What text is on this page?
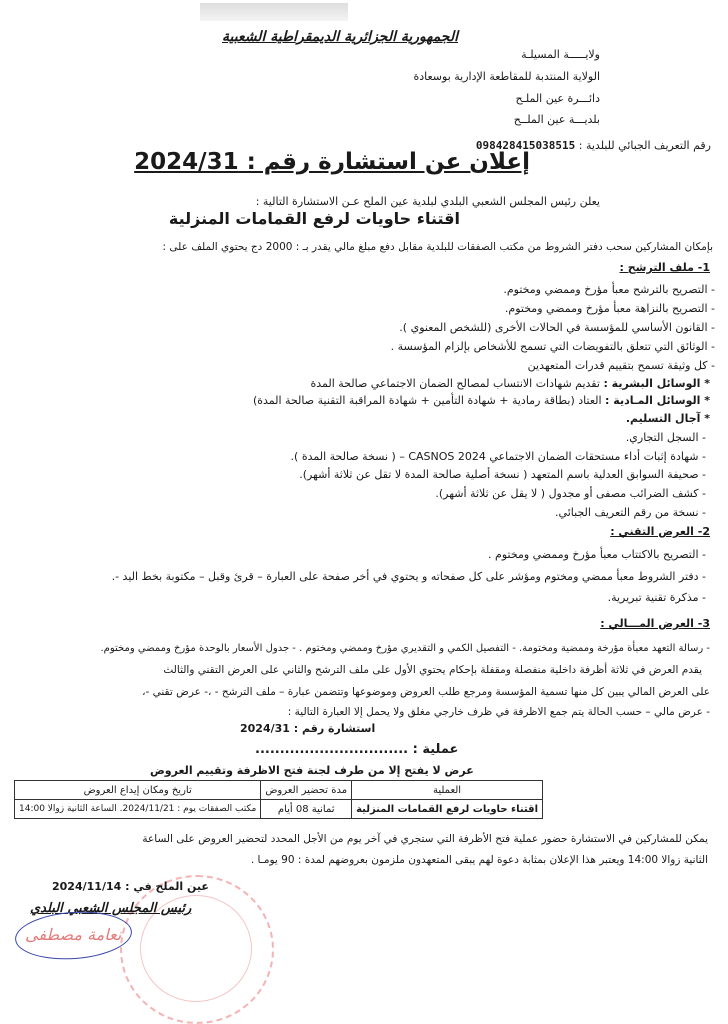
الجمهورية الجزائرية الديمقراطية الشعبية
ولايـــــة المسيلـة
الولاية المنتدبة للمقاطعة الإدارية بوسعادة
دائـــرة عين الملـح
بلديـــة عين الملــح
رقم التعريف الجبائي للبلدية : 098428415038515
إعلان عن استشارة رقم : 2024/31
يعلن رئيس المجلس الشعبي البلدي لبلدية عين الملح عـن الاستشارة التالية :
اقتناء حاويات لرفع القمامات المنزلية
بإمكان المشاركين سحب دفتر الشروط من مكتب الصفقات للبلدية مقابل دفع مبلغ مالي يقدر بـ : 2000 دج يحتوي الملف على :
1- ملف الترشح :
- التصريح بالترشح معبأ مؤرخ وممضي ومختوم.
- التصريح بالنزاهة معبأ مؤرخ وممضي ومختوم.
- القانون الأساسي للمؤسسة في الحالات الأخرى (للشخص المعنوي ).
- الوثائق التي تتعلق بالتفويضات التي تسمح للأشخاص بإلزام المؤسسة .
- كل وثيقة تسمح بتقييم قدرات المتعهدين
* الوسائل البشرية : تقديم شهادات الانتساب لمصالح الضمان الاجتماعي صالحة المدة
* الوسائل المـادية : العتاد (بطاقة رمادية + شهادة التأمين + شهادة المراقبة التقنية صالحة المدة)
* آجال التسليم.
- السجل التجاري.
- شهادة إثبات أداء مستحقات الضمان الاجتماعي CASNOS 2024 – ( نسخة صالحة المدة ).
- صحيفة السوابق العدلية باسم المتعهد ( نسخة أصلية صالحة المدة لا تقل عن ثلاثة أشهر).
- كشف الضرائب مصفى أو مجدول ( لا يقل عن ثلاثة أشهر).
- نسخة من رقم التعريف الجبائي.
2- العرض التقني :
- التصريح بالاكتتاب معبأ مؤرخ وممضي ومختوم .
- دفتر الشروط معبأ ممضي ومختوم ومؤشر على كل صفحاته و يحتوي في أخر صفحة على العبارة – قرئ وقبل – مكتوبة بخط اليد -.
- مذكرة تقنية تبريرية.
3- العرض المـــالي :
- رسالة التعهد معبأة مؤرخة وممضية ومختومة. - التفصيل الكمي و التقديري مؤرخ وممضي ومختوم . - جدول الأسعار بالوحدة مؤرخ وممضي ومختوم.
يقدم العرض في ثلاثة أظرفة داخلية منفصلة ومقفلة بإحكام يحتوي الأول على ملف الترشح والثاني على العرض التقني والثالث
على العرض المالي يبين كل منها تسمية المؤسسة ومرجع طلب العروض وموضوعها وتتضمن عبارة – ملف الترشح - ،- عرض تقني -،
- عرض مالي – حسب الحالة يتم جمع الاظرفة في ظرف خارجي مغلق ولا يحمل إلا العبارة التالية :
استشارة رقم : 2024/31
عملية : ...............................
عرض لا يفتح إلا من طرف لجنة فتح الاظرفة وتقييم العروض
العملية	مدة تحضير العروض	تاريخ ومكان إيداع العروض
اقتناء حاويات لرفع القمامات المنزلية	ثمانية 08 أيام	مكتب الصفقات يوم : 2024/11/21. الساعة الثانية زوالا 14:00
يمكن للمشاركين في الاستشارة حضور عملية فتح الأظرفة التي ستجري في آخر يوم من الأجل المحدد لتحضير العروض على الساعة
الثانية زوالا 14:00 ويعتبر هذا الإعلان بمثابة دعوة لهم يبقى المتعهدون ملزمون بعروضهم لمدة : 90 يومـا .
عين الملح في : 2024/11/14
رئيس المجلس الشعبي البلدي
نعامة مصطفى
